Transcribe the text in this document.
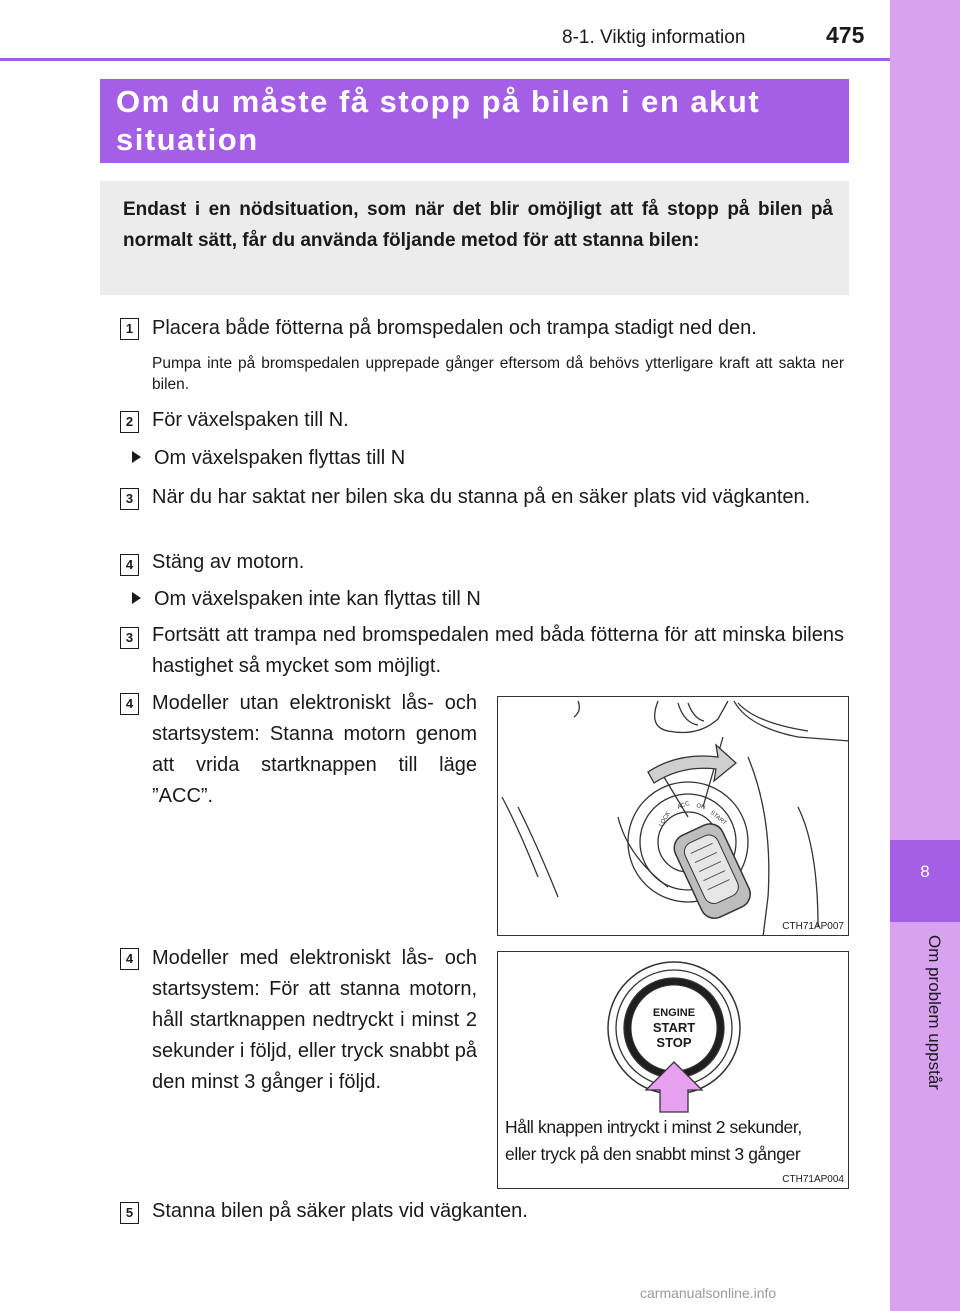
8
Om problem uppstår
8-1. Viktig information	475
Om du måste få stopp på bilen i en akut situation
Endast i en nödsituation, som när det blir omöjligt att få stopp på bilen på normalt sätt, får du använda följande metod för att stanna bilen:
1 Placera både fötterna på bromspedalen och trampa stadigt ned den.
Pumpa inte på bromspedalen upprepade gånger eftersom då behövs ytterligare kraft att sakta ner bilen.
2 För växelspaken till N.
Om växelspaken flyttas till N
3 När du har saktat ner bilen ska du stanna på en säker plats vid vägkanten.
4 Stäng av motorn.
Om växelspaken inte kan flyttas till N
3 Fortsätt att trampa ned bromspedalen med båda fötterna för att minska bilens hastighet så mycket som möjligt.
4 Modeller utan elektroniskt lås- och startsystem: Stanna motorn genom att vrida startknappen till läge ”ACC”.
LOCK
ACC ON
START
CTH71AP007
4 Modeller med elektroniskt lås- och startsystem: För att stanna motorn, håll startknappen nedtryckt i minst 2 sekunder i följd, eller tryck snabbt på den minst 3 gånger i följd.
ENGINE
START
STOP
Håll knappen intryckt i minst 2 sekunder,
eller tryck på den snabbt minst 3 gånger
CTH71AP004
5 Stanna bilen på säker plats vid vägkanten.
carmanualsonline.info
